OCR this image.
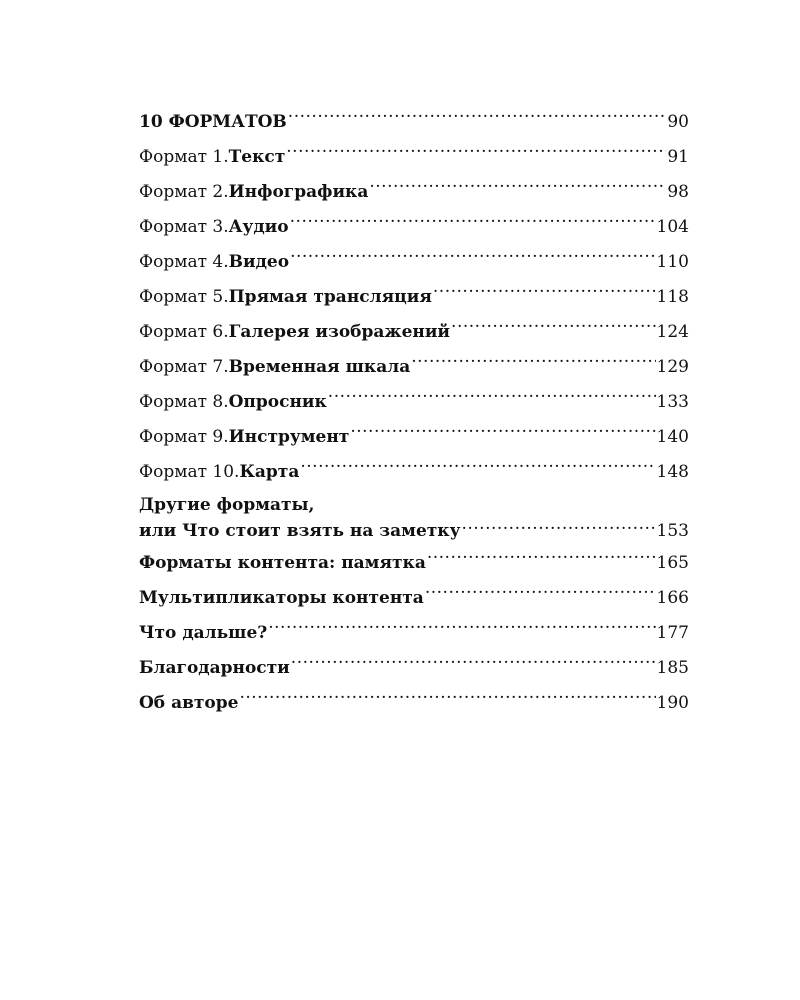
10 ФОРМАТОВ .....	90
Формат 1. Текст .....	91
Формат 2. Инфографика .....	98
Формат 3. Аудио .....	104
Формат 4. Видео .....	110
Формат 5. Прямая трансляция .....	118
Формат 6. Галерея изображений .....	124
Формат 7. Временная шкала .....	129
Формат 8. Опросник .....	133
Формат 9. Инструмент .....	140
Формат 10. Карта .....	148
Другие форматы,
или Что стоит взять на заметку .....	153
Форматы контента: памятка .....	165
Мультипликаторы контента .....	166
Что дальше? .....	177
Благодарности .....	185
Об авторе .....	190
